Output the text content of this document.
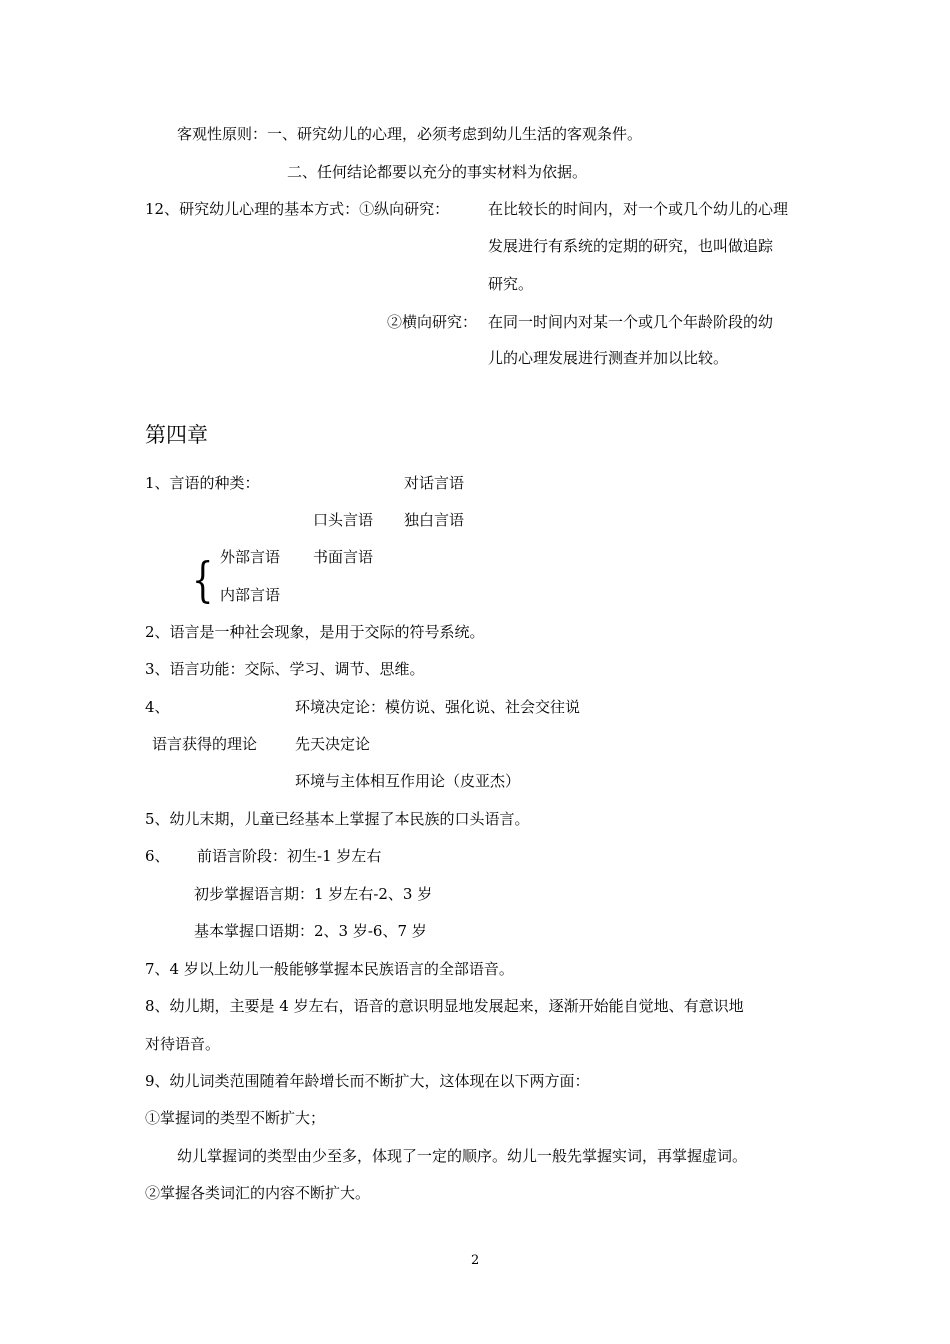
客观性原则：一、研究幼儿的心理，必须考虑到幼儿生活的客观条件。
二、任何结论都要以充分的事实材料为依据。
12、研究幼儿心理的基本方式：①纵向研究：	在比较长的时间内，对一个或几个幼儿的心理
发展进行有系统的定期的研究，也叫做追踪
研究。
②横向研究： 在同一时间内对某一个或几个年龄阶段的幼
儿的心理发展进行测查并加以比较。
第四章
1、言语的种类：	对话言语
口头言语 独白言语
{ 外部言语 书面言语
内部言语
2、语言是一种社会现象，是用于交际的符号系统。
3、语言功能：交际、学习、调节、思维。
4、	环境决定论：模仿说、强化说、社会交往说
语言获得的理论	先天决定论
环境与主体相互作用论（皮亚杰）
5、幼儿末期，儿童已经基本上掌握了本民族的口头语言。
6、 前语言阶段：初生-1 岁左右
初步掌握语言期：1 岁左右-2、3 岁
基本掌握口语期：2、3 岁-6、7 岁
7、4 岁以上幼儿一般能够掌握本民族语言的全部语音。
8、幼儿期，主要是 4 岁左右，语音的意识明显地发展起来，逐渐开始能自觉地、有意识地
对待语音。
9、幼儿词类范围随着年龄增长而不断扩大，这体现在以下两方面：
①掌握词的类型不断扩大；
幼儿掌握词的类型由少至多，体现了一定的顺序。幼儿一般先掌握实词，再掌握虚词。
②掌握各类词汇的内容不断扩大。
2
